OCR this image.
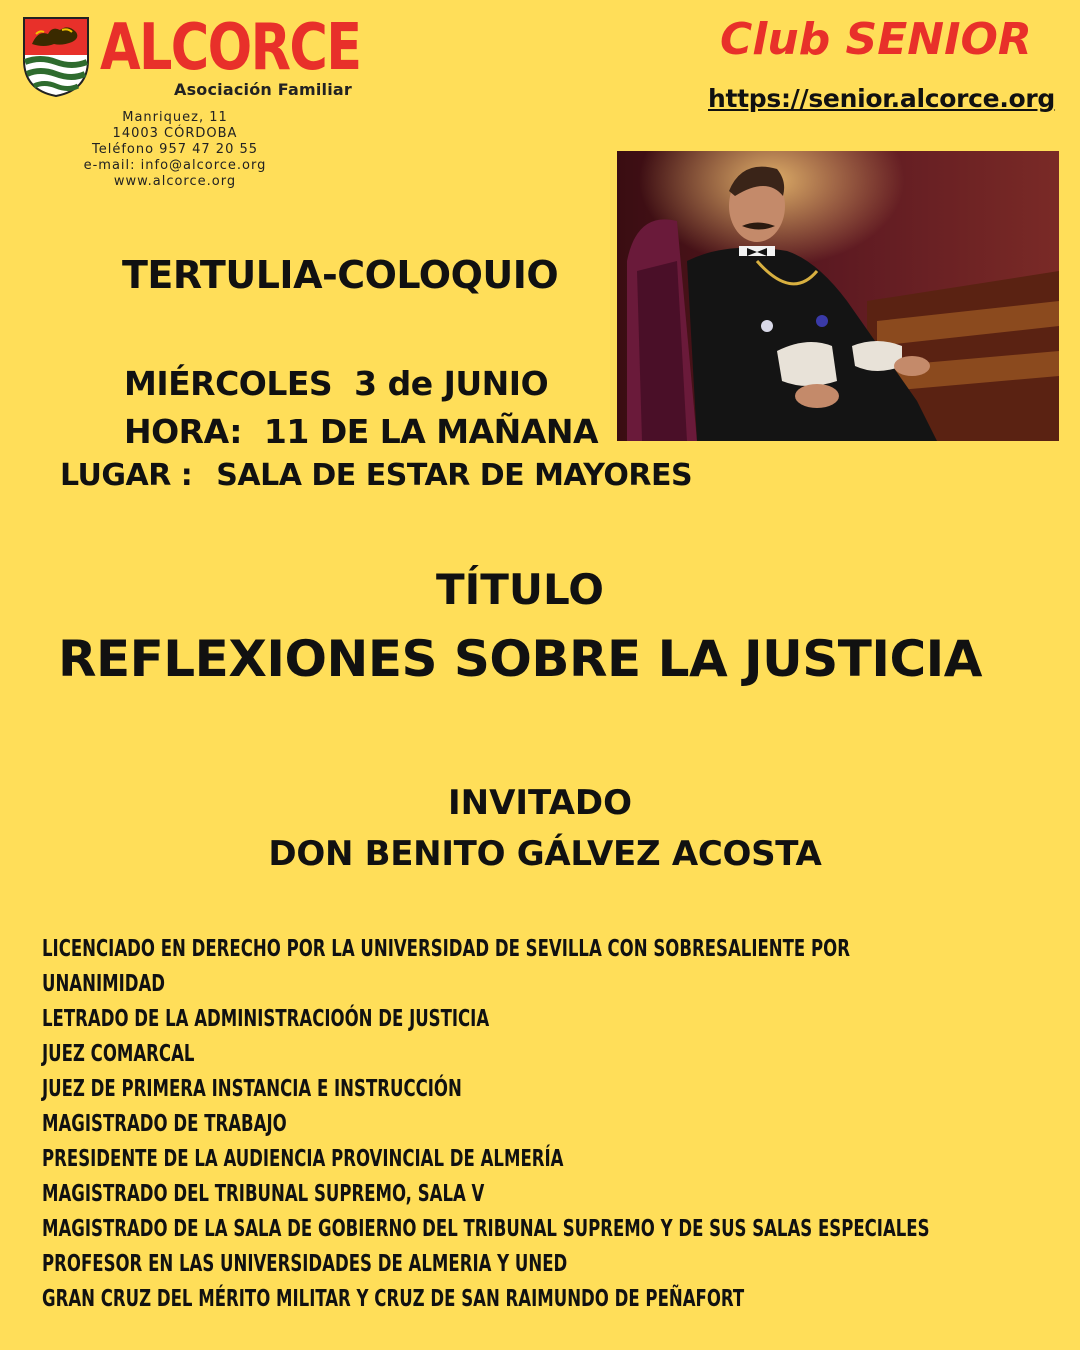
ALCORCE
Asociación Familiar
Manriquez, 11
14003 CÓRDOBA
Teléfono 957 47 20 55
e-mail: info@alcorce.org
www.alcorce.org
Club SENIOR
https://senior.alcorce.org
TERTULIA-COLOQUIO
MIÉRCOLES  3 de JUNIO
HORA:  11 DE LA MAÑANA
LUGAR : SALA DE ESTAR DE MAYORES
TÍTULO
REFLEXIONES SOBRE LA JUSTICIA
INVITADO
DON BENITO GÁLVEZ ACOSTA
LICENCIADO EN DERECHO POR LA UNIVERSIDAD DE SEVILLA CON SOBRESALIENTE POR
UNANIMIDAD
LETRADO DE LA ADMINISTRACIOÓN DE JUSTICIA
JUEZ COMARCAL
JUEZ DE PRIMERA INSTANCIA E INSTRUCCIÓN
MAGISTRADO DE TRABAJO
PRESIDENTE DE LA AUDIENCIA PROVINCIAL DE ALMERÍA
MAGISTRADO DEL TRIBUNAL SUPREMO, SALA V
MAGISTRADO DE LA SALA DE GOBIERNO DEL TRIBUNAL SUPREMO Y DE SUS SALAS ESPECIALES
PROFESOR EN LAS UNIVERSIDADES DE ALMERIA Y UNED
GRAN CRUZ DEL MÉRITO MILITAR Y CRUZ DE SAN RAIMUNDO DE PEÑAFORT
